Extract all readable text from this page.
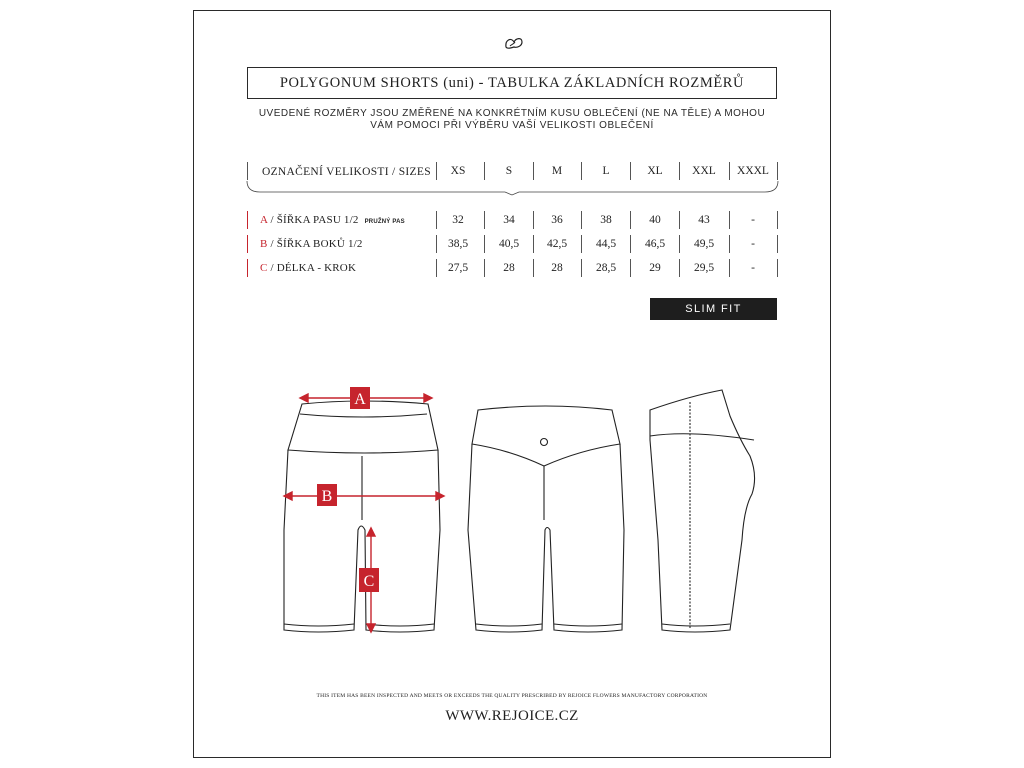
POLYGONUM SHORTS (uni) - TABULKA ZÁKLADNÍCH ROZMĚRŮ
UVEDENÉ ROZMĚRY JSOU ZMĚŘENÉ NA KONKRÉTNÍM KUSU OBLEČENÍ (NE NA TĚLE) A MOHOU
VÁM POMOCI PŘI VÝBĚRU VAŠÍ VELIKOSTI OBLEČENÍ
OZNAČENÍ VELIKOSTI / SIZES	XS	S	M	L	XL	XXL	XXXL
A / ŠÍŘKA PASU 1/2 PRUŽNÝ PAS	32	34	36	38	40	43	-
B / ŠÍŘKA BOKŮ 1/2	38,5	40,5	42,5	44,5	46,5	49,5	-
C / DÉLKA - KROK	27,5	28	28	28,5	29	29,5	-
SLIM FIT
A
B
C
THIS ITEM HAS BEEN INSPECTED AND MEETS OR EXCEEDS THE QUALITY PRESCRIBED BY REJOICE FLOWERS MANUFACTORY CORPORATION
WWW.REJOICE.CZ
